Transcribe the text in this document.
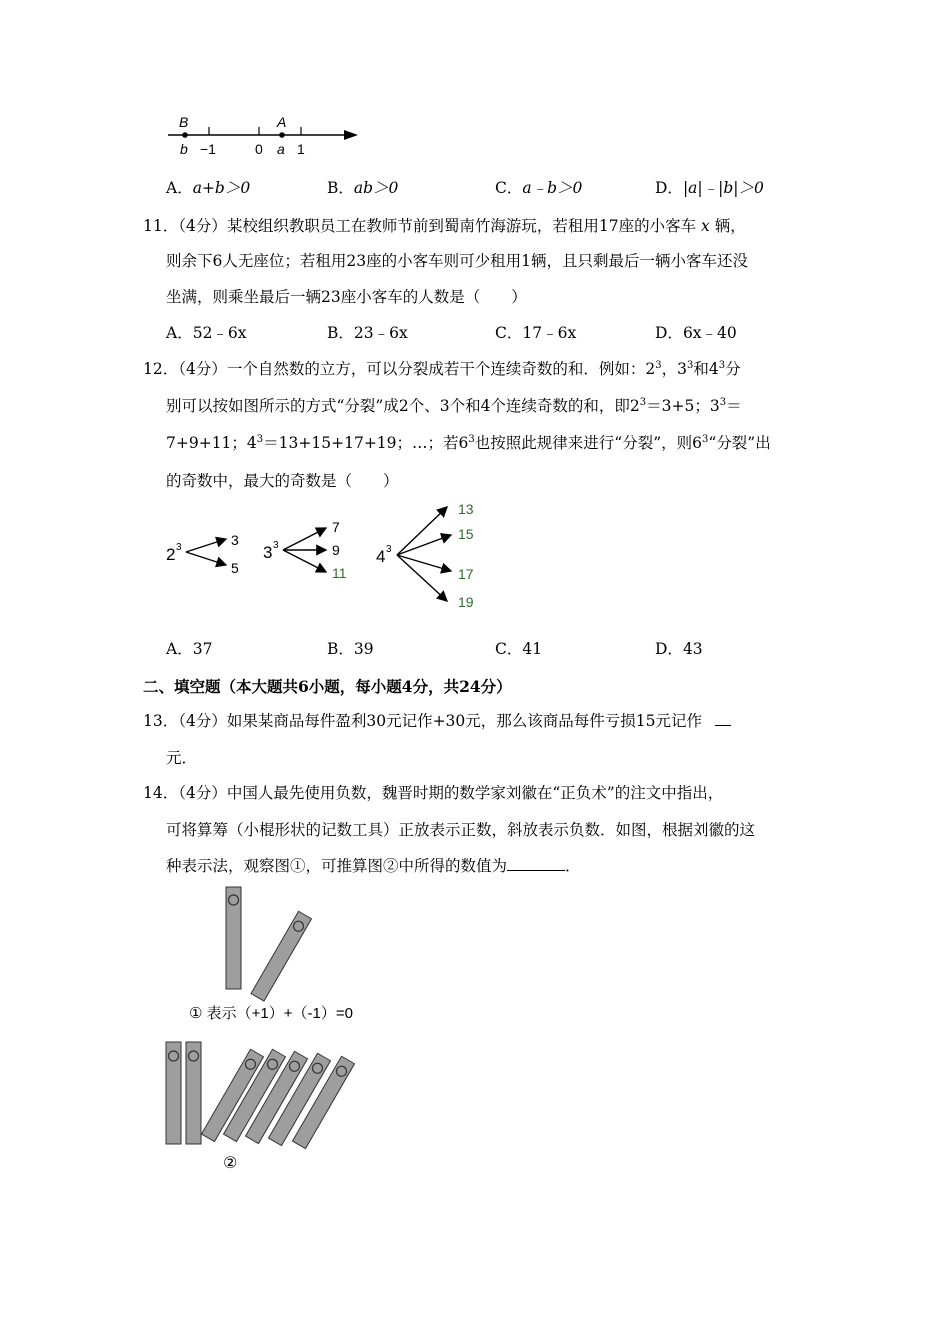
B	A
b −1	0 a 1
A．a+b＞0	B．ab＞0	C．a﹣b＞0	D．|a|﹣|b|＞0
11．（4分）某校组织教职员工在教师节前到蜀南竹海游玩，若租用17座的小客车 x 辆，
则余下6人无座位；若租用23座的小客车则可少租用1辆，且只剩最后一辆小客车还没
坐满，则乘坐最后一辆23座小客车的人数是（　　）
A．52﹣6x	B．23﹣6x	C．17﹣6x	D．6x﹣40
12．（4分）一个自然数的立方，可以分裂成若干个连续奇数的和．例如：$2^3$，$3^3$和$4^3$分
别可以按如图所示的方式“分裂”成2个、3个和4个连续奇数的和，即$2^3=3+5$；$3^3=$
7+9+11；$4^3=13+15+17+19$；…；若$6^3$也按照此规律来进行“分裂”，则$6^3“$分裂”出
的奇数中，最大的奇数是（　　）
2 3	3
5
3 3
7
9
11
4 3
13
15
17
19
A．37	B．39	C．41	D．43
二、填空题（本大题共6小题，每小题4分，共24分）
13．（4分）如果某商品每件盈利30元记作+30元，那么该商品每件亏损15元记作
元．
14．（4分）中国人最先使用负数，魏晋时期的数学家刘徽在“正负术”的注文中指出，
可将算筹（小棍形状的记数工具）正放表示正数，斜放表示负数．如图，根据刘徽的这
种表示法，观察图①，可推算图②中所得的数值为	．
① 表示（+1）+（-1）=0
②
